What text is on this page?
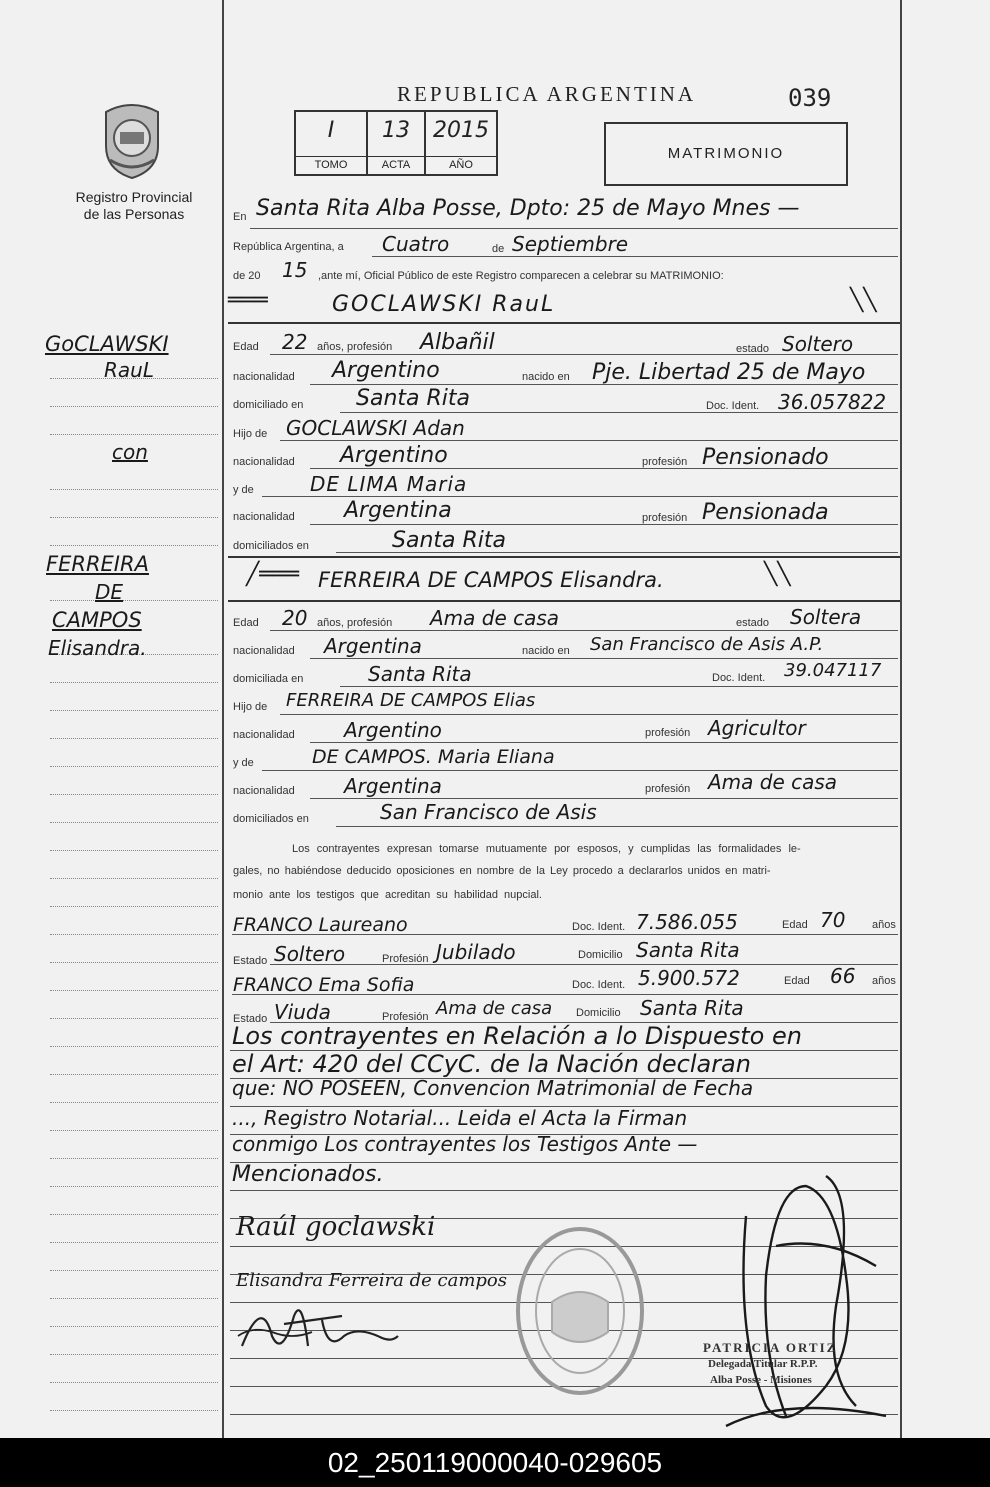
Registro Provincial
de las Personas
REPUBLICA ARGENTINA	039
I
TOMO
13
ACTA
2015
AÑO
MATRIMONIO
GoCLAWSKI
RauL
con
FERREIRA
DE
CAMPOS
Elisandra.
En Santa Rita Alba Posse, Dpto: 25 de Mayo Mnes —
República Argentina, a Cuatro	de Septiembre
de 20 15 ,ante mí, Oficial Público de este Registro comparecen a celebrar su MATRIMONIO:
═══	GOCLAWSKI RauL	╲╲
Edad 22 años, profesión Albañil	estado Soltero
nacionalidad Argentino	nacido en Pje. Libertad 25 de Mayo
domiciliado en Santa Rita	Doc. Ident. 36.057822
Hijo de GOCLAWSKI Adan
nacionalidad Argentino	profesión Pensionado
y de	DE LIMA Maria
nacionalidad Argentina	profesión Pensionada
domiciliados en	Santa Rita
╱═══ FERREIRA DE CAMPOS Elisandra.	╲╲
Edad 20 años, profesión Ama de casa	estado Soltera
nacionalidad Argentina	nacido en San Francisco de Asis A.P.
domiciliada en	Santa Rita	Doc. Ident. 39.047117
Hijo de FERREIRA DE CAMPOS Elias
nacionalidad Argentino	profesión Agricultor
y de	DE CAMPOS. Maria Eliana
nacionalidad Argentina	profesión Ama de casa
domiciliados en	San Francisco de Asis
Los contrayentes expresan tomarse mutuamente por esposos, y cumplidas las formalidades le-
gales, no habiéndose deducido oposiciones en nombre de la Ley procedo a declararlos unidos en matri-
monio ante los testigos que acreditan su habilidad nupcial.
FRANCO Laureano	Doc. Ident. 7.586.055	Edad 70 años
Estado Soltero	Profesión Jubilado	Domicilio Santa Rita
FRANCO Ema Sofia	Doc. Ident. 5.900.572	Edad 66 años
Estado Viuda	Profesión Ama de casa Domicilio Santa Rita
Los contrayentes en Relación a lo Dispuesto en
el Art: 420 del CCyC. de la Nación declaran
que: NO POSEEN, Convencion Matrimonial de Fecha
..., Registro Notarial... Leida el Acta la Firman
conmigo Los contrayentes los Testigos Ante —
Mencionados.
Raúl goclawski
Elisandra Ferreira de campos
PATRICIA ORTIZ
Delegada Titular R.P.P.
Alba Posse - Misiones
02_250119000040-029605
